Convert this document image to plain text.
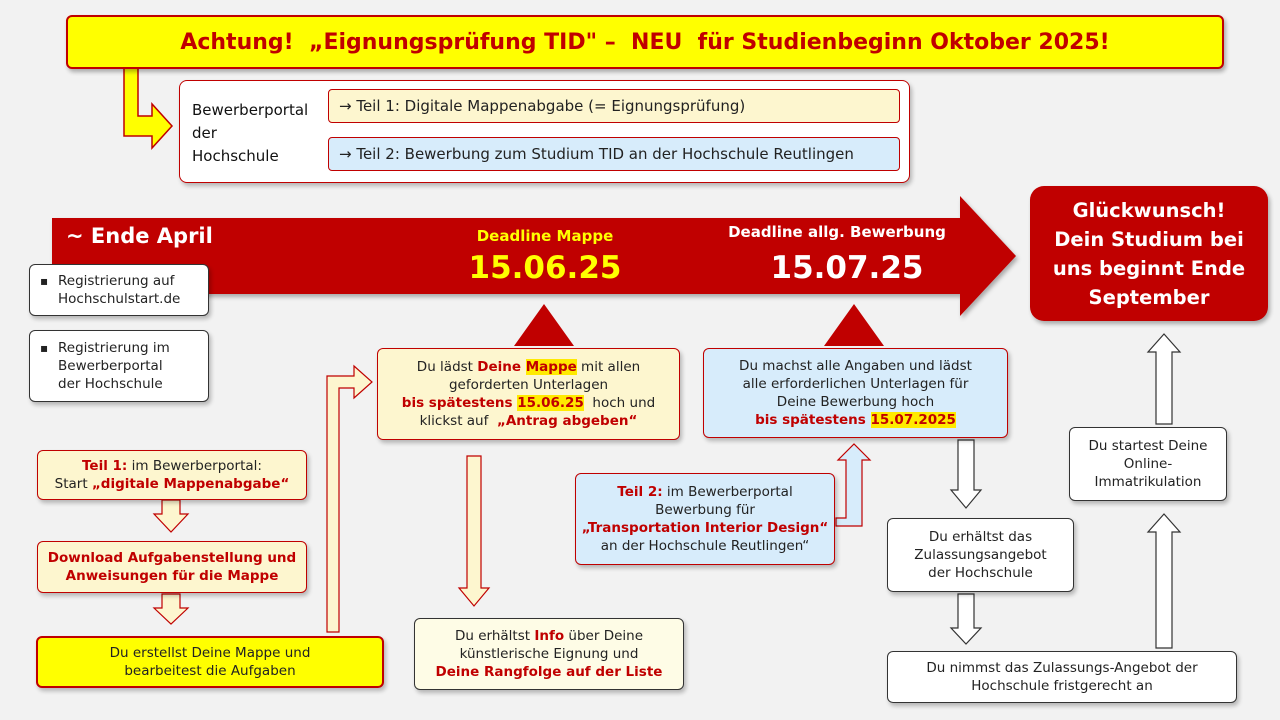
Achtung!  „Eignungsprüfung TID" –  NEU  für Studienbeginn Oktober 2025!
Bewerberportal
der
Hochschule
→ Teil 1: Digitale Mappenabgabe (= Eignungsprüfung)
→ Teil 2: Bewerbung zum Studium TID an der Hochschule Reutlingen
~ Ende April	Deadline Mappe
15.06.25
Deadline allg. Bewerbung
15.07.25
Glückwunsch!
Dein Studium bei
uns beginnt Ende
September
▪ Registrierung auf
Hochschulstart.de
▪ Registrierung im
Bewerberportal
der Hochschule
Teil 1: im Bewerberportal:
Start „digitale Mappenabgabe“
Download Aufgabenstellung und
Anweisungen für die Mappe
Du erstellst Deine Mappe und
bearbeitest die Aufgaben
Du lädst Deine Mappe mit allen
geforderten Unterlagen
bis spätestens 15.06.25  hoch und
klickst auf  „Antrag abgeben“
Du erhältst Info über Deine
künstlerische Eignung und
Deine Rangfolge auf der Liste
Du machst alle Angaben und lädst
alle erforderlichen Unterlagen für
Deine Bewerbung hoch
bis spätestens 15.07.2025
Teil 2: im Bewerberportal
Bewerbung für
„Transportation Interior Design“
an der Hochschule Reutlingen“
Du erhältst das
Zulassungsangebot
der Hochschule
Du nimmst das Zulassungs-Angebot der
Hochschule fristgerecht an
Du startest Deine
Online-
Immatrikulation
